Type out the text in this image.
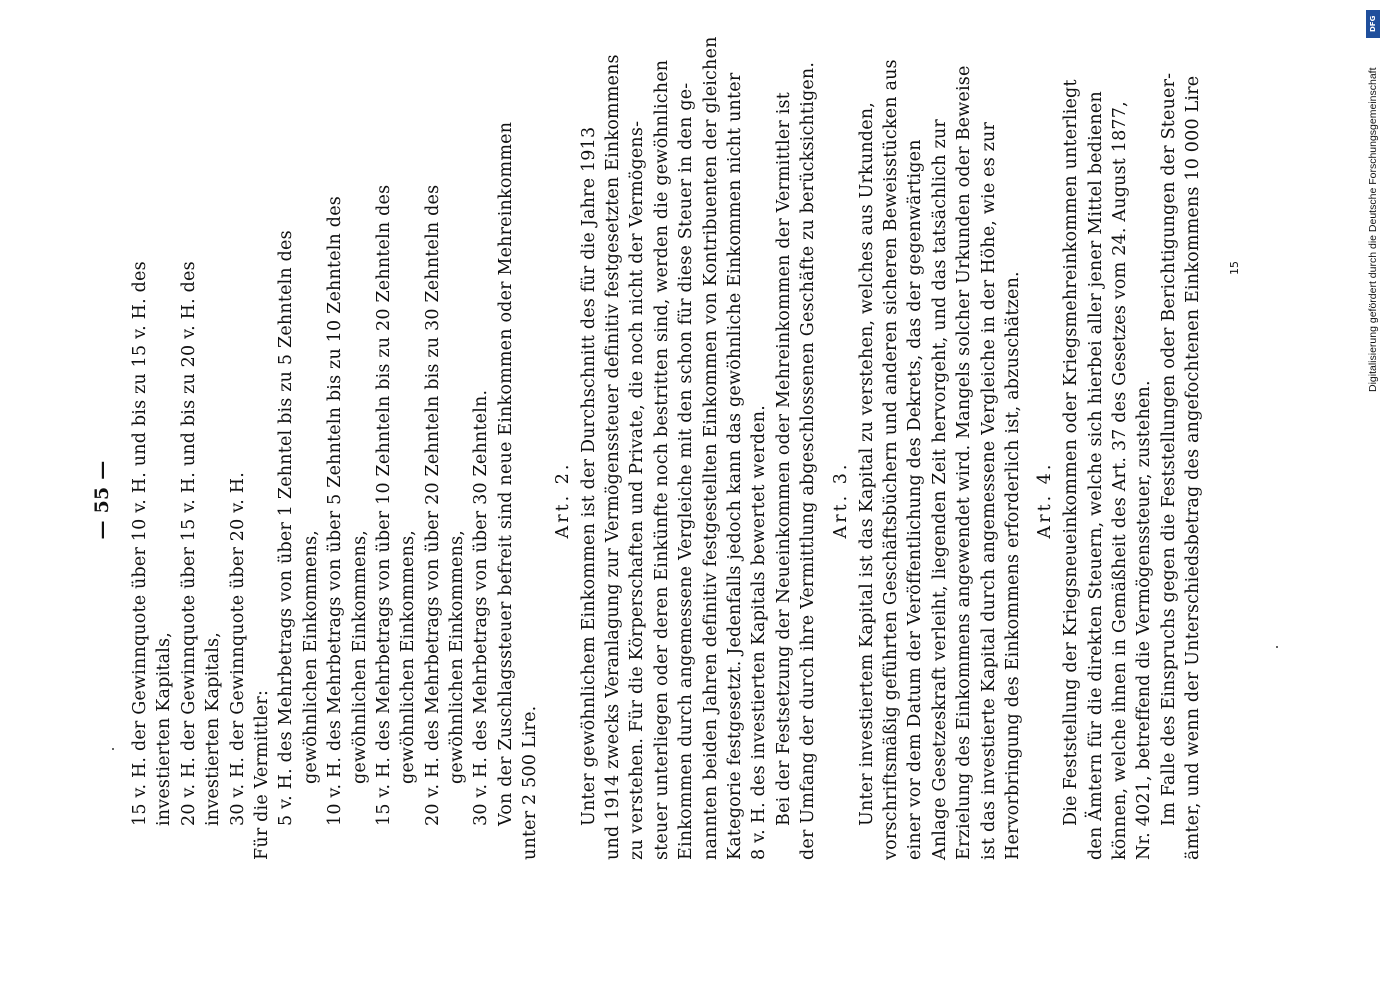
— 55 — 15 v. H. der Gewinnquote über 10 v. H. und bis zu 15 v. H. des investierten Kapitals, 20 v. H. der Gewinnquote über 15 v. H. und bis zu 20 v. H. des investierten Kapitals, 30 v. H. der Gewinnquote über 20 v. H. Für die Vermittler: 5 v. H. des Mehrbetrags von über 1 Zehntel bis zu 5 Zehnteln des gewöhnlichen Einkommens, 10 v. H. des Mehrbetrags von über 5 Zehnteln bis zu 10 Zehnteln des gewöhnlichen Einkommens, 15 v. H. des Mehrbetrags von über 10 Zehnteln bis zu 20 Zehnteln des gewöhnlichen Einkommens, 20 v. H. des Mehrbetrags von über 20 Zehnteln bis zu 30 Zehnteln des gewöhnlichen Einkommens, 30 v. H. des Mehrbetrags von über 30 Zehnteln. Von der Zuschlagssteuer befreit sind neue Einkommen oder Mehreinkommen unter 2 500 Lire.
Art. 2. Unter gewöhnlichem Einkommen ist der Durchschnitt des für die Jahre 1913 und 1914 zwecks Veranlagung zur Vermögenssteuer definitiv festgesetzten Einkommens zu verstehen. Für die Körperschaften und Private, die noch nicht der Vermögens- steuer unterliegen oder deren Einkünfte noch bestritten sind, werden die gewöhnlichen Einkommen durch angemessene Vergleiche mit den schon für diese Steuer in den ge- nannten beiden Jahren definitiv festgestellten Einkommen von Kontribuenten der gleichen Kategorie festgesetzt. Jedenfalls jedoch kann das gewöhnliche Einkommen nicht unter 8 v. H. des investierten Kapitals bewertet werden. Bei der Festsetzung der Neueinkommen oder Mehreinkommen der Vermittler ist der Umfang der durch ihre Vermittlung abgeschlossenen Geschäfte zu berücksichtigen. Art. 3. Unter investiertem Kapital ist das Kapital zu verstehen, welches aus Urkunden, vorschriftsmäßig geführten Geschäftsbüchern und anderen sicheren Beweisstücken aus einer vor dem Datum der Veröffentlichung des Dekrets, das der gegenwärtigen Anlage Gesetzeskraft verleiht, liegenden Zeit hervorgeht, und das tatsächlich zur Erzielung des Einkommens angewendet wird. Mangels solcher Urkunden oder Beweise ist das investierte Kapital durch angemessene Vergleiche in der Höhe, wie es zur Hervorbringung des Einkommens erforderlich ist, abzuschätzen. Art. 4. Die Feststellung der Kriegsneueinkommen oder Kriegsmehreinkommen unterliegt den Ämtern für die direkten Steuern, welche sich hierbei aller jener Mittel bedienen können, welche ihnen in Gemäßheit des Art. 37 des Gesetzes vom 24. August 1877, Nr. 4021, betreffend die Vermögenssteuer, zustehen. Im Falle des Einspruchs gegen die Feststellungen oder Berichtigungen der Steuer- ämter, und wenn der Unterschiedsbetrag des angefochtenen Einkommens 10 000 Lire 15	Digitalisierung gefördert durch die Deutsche Forschungsgemeinschaft
DFG
